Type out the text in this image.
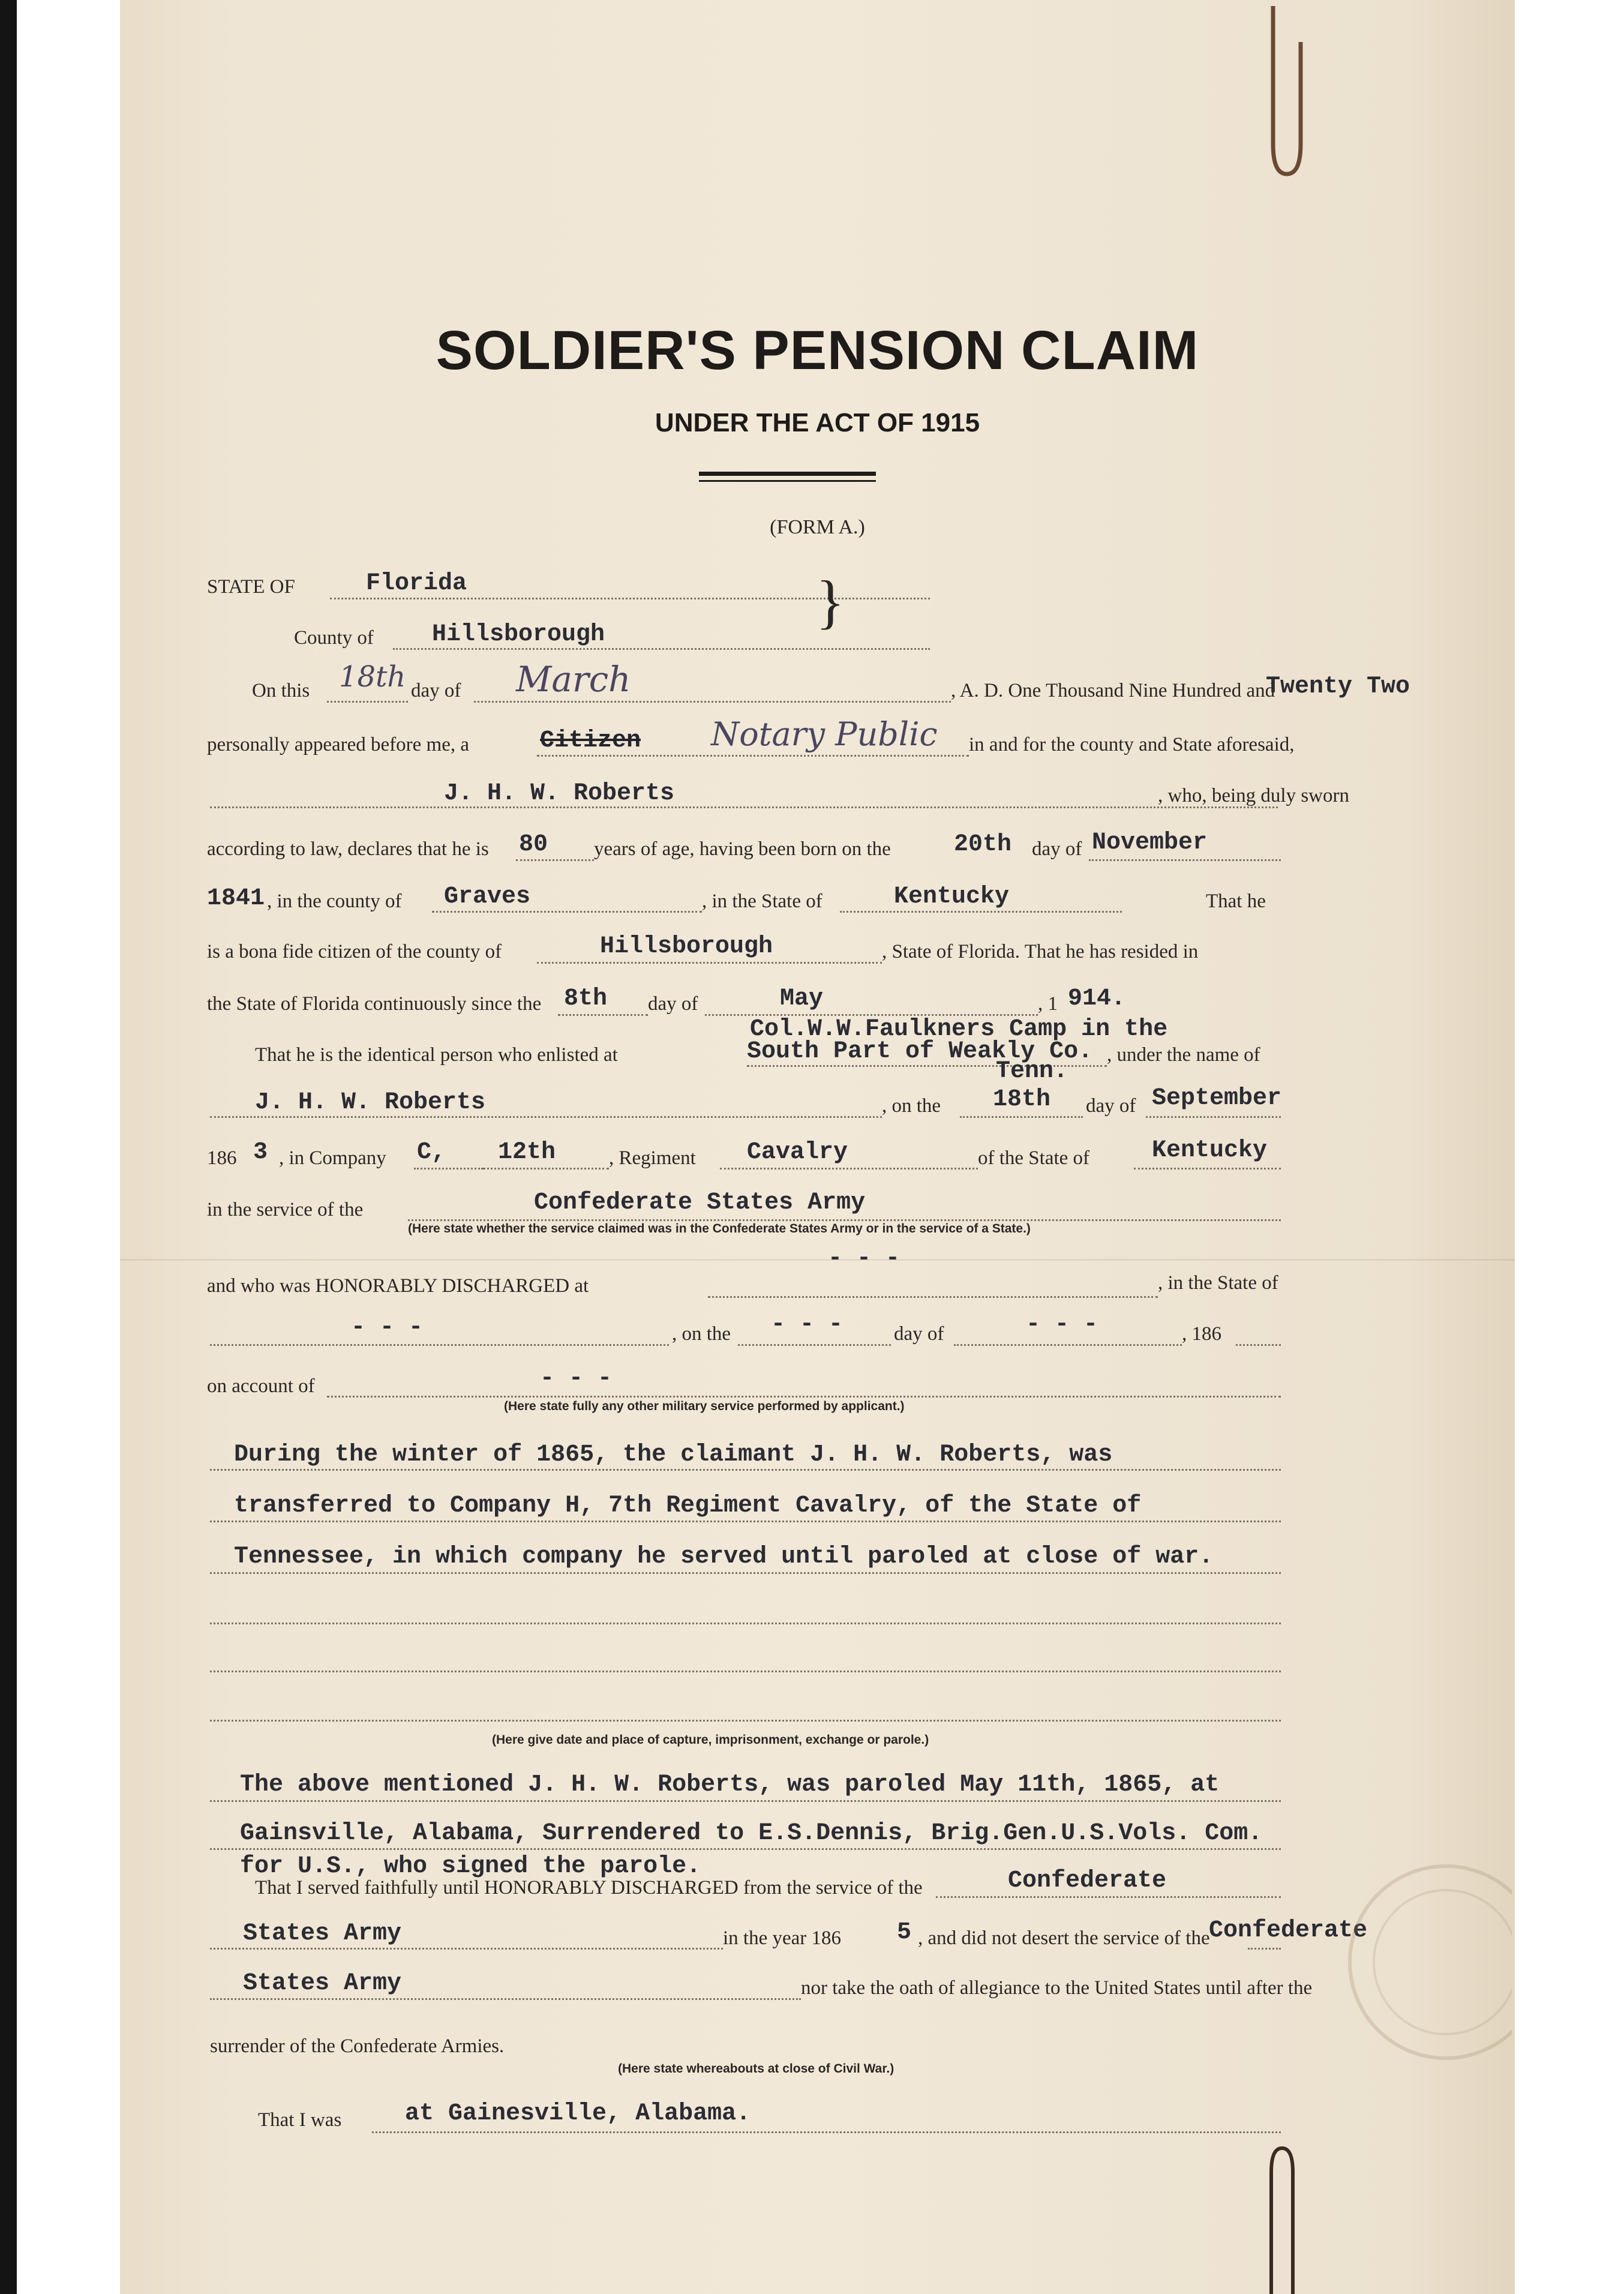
SOLDIER'S PENSION CLAIM
UNDER THE ACT OF 1915
(FORM A.)
STATE OF	Florida	}
County of Hillsborough
On this 18th day of March	, A. D. One Thousand Nine Hundred and
Twenty Two
personally appeared before me, a	Citizen Notary Public in and for the county and State aforesaid,
J. H. W. Roberts	, who, being duly sworn
according to law, declares that he is 80 years of age, having been born on the	20th day of November
1841 , in the county of Graves	, in the State of	Kentucky	That he
is a bona fide citizen of the county of	Hillsborough	, State of Florida. That he has resided in
the State of Florida continuously since the 8th day of	May	, 1 914.
Col.W.W.Faulkners Camp in the
That he is the identical person who enlisted at	South Part of Weakly Co. , under the name of
Tenn.
J. H. W. Roberts	, on the 18th day of September
186 3 , in Company C, 12th	, Regiment Cavalry	of the State of	Kentucky
in the service of the	Confederate States Army
(Here state whether the service claimed was in the Confederate States Army or in the service of a State.)
- - -
and who was HONORABLY DISCHARGED at	, in the State of
- - -	, on the - - -	day of	- - -	, 186
on account of	- - -
(Here state fully any other military service performed by applicant.)
During the winter of 1865, the claimant J. H. W. Roberts, was
transferred to Company H, 7th Regiment Cavalry, of the State of
Tennessee, in which company he served until paroled at close of war.
(Here give date and place of capture, imprisonment, exchange or parole.)
The above mentioned J. H. W. Roberts, was paroled May 11th, 1865, at
Gainsville, Alabama, Surrendered to E.S.Dennis, Brig.Gen.U.S.Vols. Com.
for U.S., who signed the parole.
That I served faithfully until HONORABLY DISCHARGED from the service of the	Confederate
States Army	in the year 186 5 , and did not desert the service of the
Confederate
States Army	nor take the oath of allegiance to the United States until after the
surrender of the Confederate Armies.
(Here state whereabouts at close of Civil War.)
That I was	at Gainesville, Alabama.
